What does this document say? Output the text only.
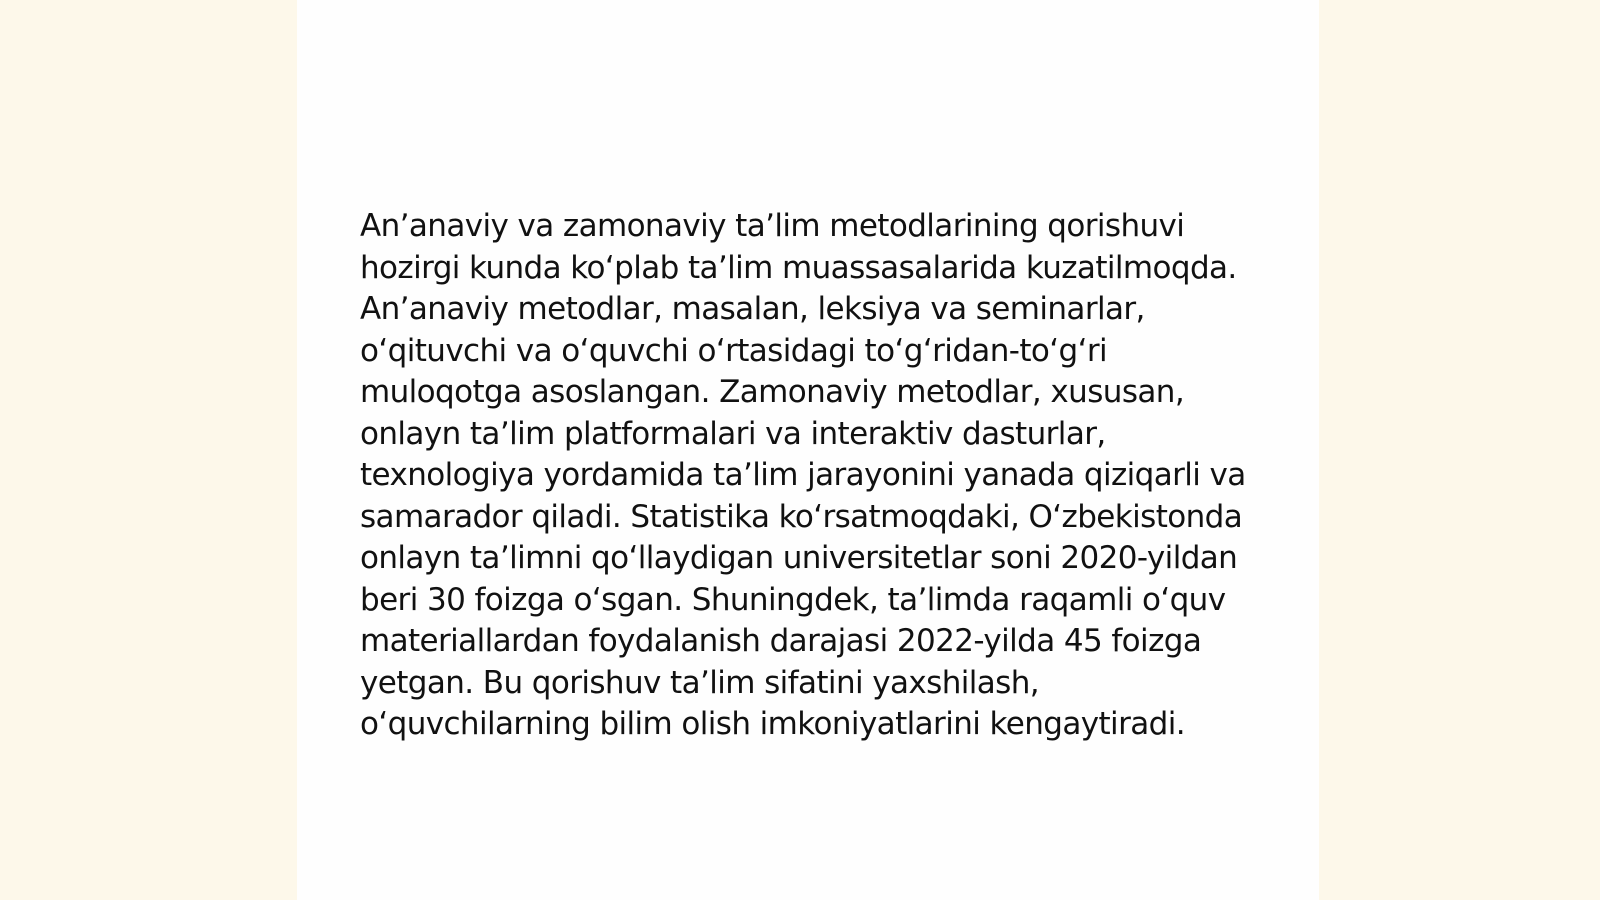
An’anaviy va zamonaviy ta’lim metodlarining qorishuvi hozirgi kunda koʻplab ta’lim muassasalarida kuzatilmoqda. An’anaviy metodlar, masalan, leksiya va seminarlar, oʻqituvchi va oʻquvchi oʻrtasidagi toʻgʻridan-toʻgʻri muloqotga asoslangan. Zamonaviy metodlar, xususan, onlayn ta’lim platformalari va interaktiv dasturlar, texnologiya yordamida ta’lim jarayonini yanada qiziqarli va samarador qiladi. Statistika koʻrsatmoqdaki, Oʻzbekistonda onlayn ta’limni qoʻllaydigan universitetlar soni 2020-yildan beri 30 foizga oʻsgan. Shuningdek, ta’limda raqamli oʻquv materiallardan foydalanish darajasi 2022-yilda 45 foizga yetgan. Bu qorishuv ta’lim sifatini yaxshilash, oʻquvchilarning bilim olish imkoniyatlarini kengaytiradi.
